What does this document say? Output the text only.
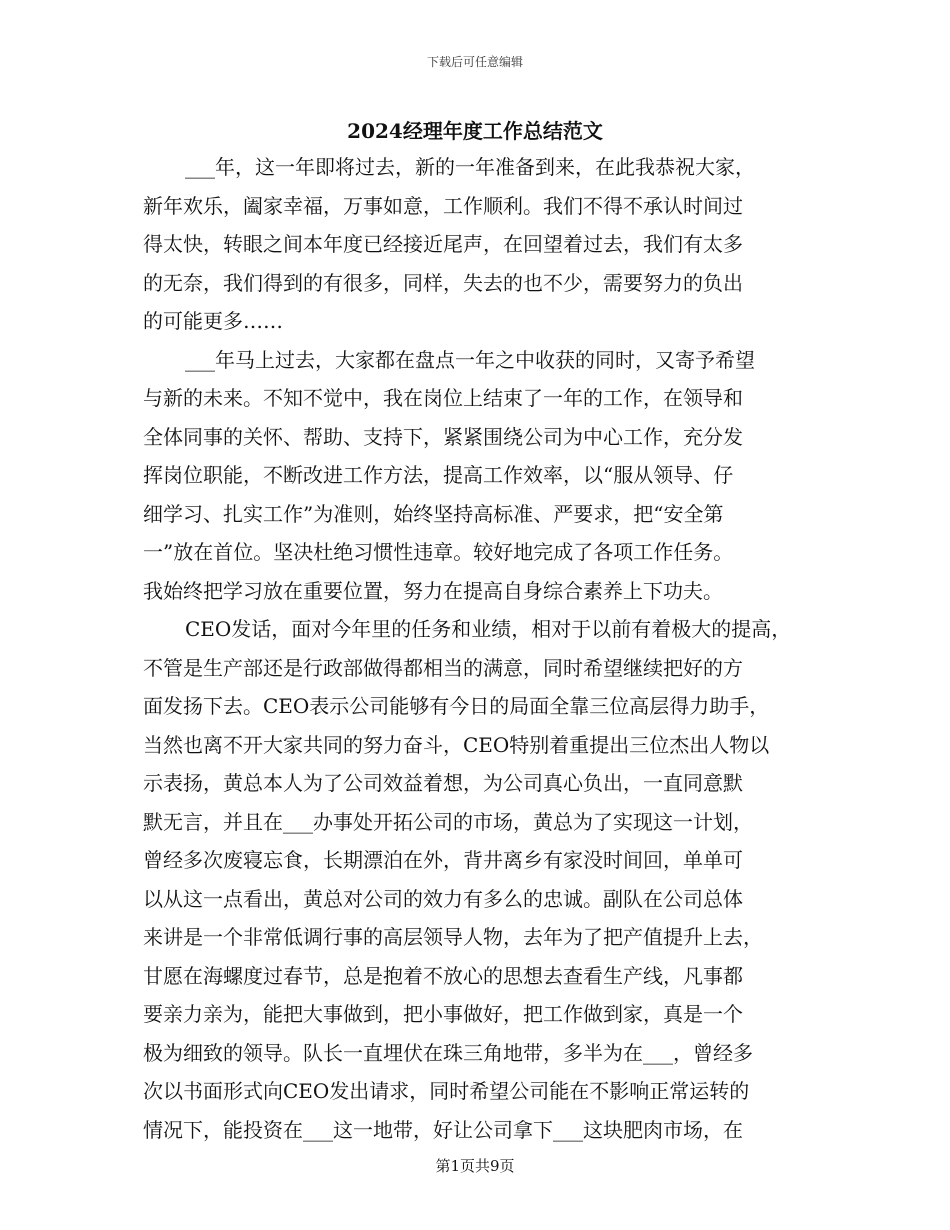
下载后可任意编辑
2024经理年度工作总结范文
___年，这一年即将过去，新的一年准备到来，在此我恭祝大家，
新年欢乐，阖家幸福，万事如意，工作顺利。我们不得不承认时间过
得太快，转眼之间本年度已经接近尾声，在回望着过去，我们有太多
的无奈，我们得到的有很多，同样，失去的也不少，需要努力的负出
的可能更多……
___年马上过去，大家都在盘点一年之中收获的同时，又寄予希望
与新的未来。不知不觉中，我在岗位上结束了一年的工作，在领导和
全体同事的关怀、帮助、支持下，紧紧围绕公司为中心工作，充分发
挥岗位职能，不断改进工作方法，提高工作效率，以“服从领导、仔
细学习、扎实工作”为准则，始终坚持高标准、严要求，把“安全第
一”放在首位。坚决杜绝习惯性违章。较好地完成了各项工作任务。
我始终把学习放在重要位置，努力在提高自身综合素养上下功夫。
CEO发话，面对今年里的任务和业绩，相对于以前有着极大的提高，
不管是生产部还是行政部做得都相当的满意，同时希望继续把好的方
面发扬下去。CEO表示公司能够有今日的局面全靠三位高层得力助手，
当然也离不开大家共同的努力奋斗，CEO特别着重提出三位杰出人物以
示表扬，黄总本人为了公司效益着想，为公司真心负出，一直同意默
默无言，并且在___办事处开拓公司的市场，黄总为了实现这一计划，
曾经多次废寝忘食，长期漂泊在外，背井离乡有家没时间回，单单可
以从这一点看出，黄总对公司的效力有多么的忠诚。副队在公司总体
来讲是一个非常低调行事的高层领导人物，去年为了把产值提升上去，
甘愿在海螺度过春节，总是抱着不放心的思想去查看生产线，凡事都
要亲力亲为，能把大事做到，把小事做好，把工作做到家，真是一个
极为细致的领导。队长一直埋伏在珠三角地带，多半为在___，曾经多
次以书面形式向CEO发出请求，同时希望公司能在不影响正常运转的
情况下，能投资在___这一地带，好让公司拿下___这块肥肉市场，在
第1页共9页
